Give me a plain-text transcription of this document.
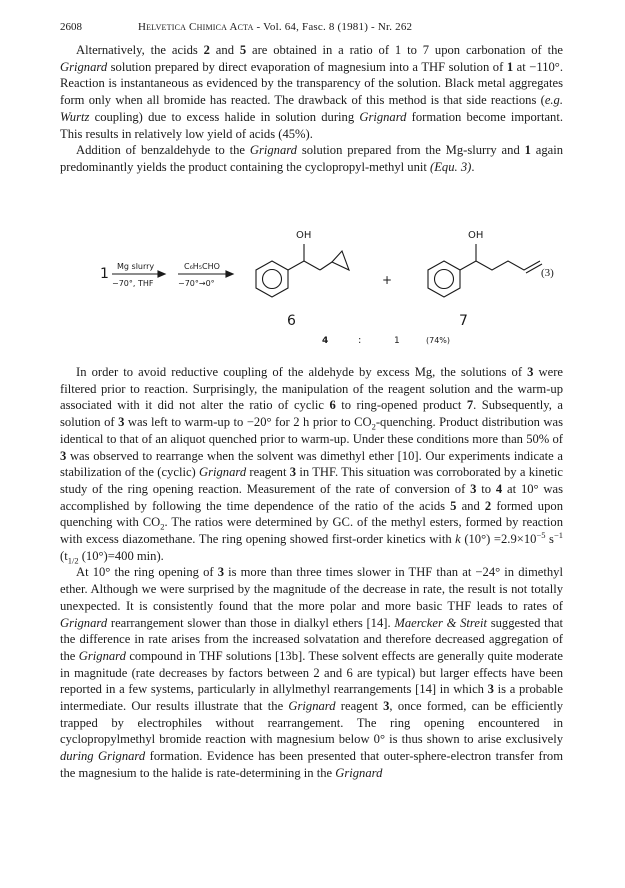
2608	Helvetica Chimica Acta - Vol. 64, Fasc. 8 (1981) - Nr. 262

Alternatively, the acids 2 and 5 are obtained in a ratio of 1 to 7 upon carbonation of the Grignard solution prepared by direct evaporation of magnesium into a THF solution of 1 at −110°. Reaction is instantaneous as evidenced by the transparency of the solution. Black metal aggregates form only when all bromide has reacted. The drawback of this method is that side reactions (e.g. Wurtz coupling) due to excess halide in solution during Grignard formation become important. This results in relatively low yield of acids (45%).

Addition of benzaldehyde to the Grignard solution prepared from the Mg-slurry and 1 again predominantly yields the product containing the cyclopropyl-methyl unit (Equ. 3).

1 Mg slurry
−70°, THF
C₆H₅CHO
−70°→0°
OH	OH
+
6	7
4	:	1	(74%)
(3)

In order to avoid reductive coupling of the aldehyde by excess Mg, the solutions of 3 were filtered prior to reaction. Surprisingly, the manipulation of the reagent solution and the warm-up associated with it did not alter the ratio of cyclic 6 to ring-opened product 7. Subsequently, a solution of 3 was left to warm-up to −20° for 2 h prior to $CO_2$-quenching. Product distribution was identical to that of an aliquot quenched prior to warm-up. Under these conditions more than 50% of 3 was observed to rearrange when the solvent was dimethyl ether [10]. Our experiments indicate a stabilization of the (cyclic) Grignard reagent 3 in THF. This situation was corroborated by a kinetic study of the ring opening reaction. Measurement of the rate of conversion of 3 to 4 at 10° was accomplished by following the time dependence of the ratio of the acids 5 and 2 formed upon quenching with $CO_2$. The ratios were determined by GC. of the methyl esters, formed by reaction with excess diazomethane. The ring opening showed first-order kinetics with k $(10^\circ) =2.9\times 10^{-5}$ $s^{-1}$ ($t_{1/2}$ (10°)=400 min).

At 10° the ring opening of 3 is more than three times slower in THF than at −24° in dimethyl ether. Although we were surprised by the magnitude of the decrease in rate, the result is not totally unexpected. It is consistently found that the more polar and more basic THF leads to rates of Grignard rearrangement slower than those in dialkyl ethers [14]. Maercker & Streit suggested that the difference in rate arises from the increased solvatation and therefore decreased aggregation of the Grignard compound in THF solutions [13b]. These solvent effects are generally quite moderate in magnitude (rate decreases by factors between 2 and 6 are typical) but larger effects have been reported in a few systems, particularly in allylmethyl rearrangements [14] in which 3 is a probable intermediate. Our results illustrate that the Grignard reagent 3, once formed, can be efficiently trapped by electrophiles without rearrangement. The ring opening encountered in cyclopropylmethyl bromide reaction with magnesium below 0° is thus shown to arise exclusively during Grignard formation. Evidence has been presented that outer-sphere-electron transfer from the magnesium to the halide is rate-determining in the Grignard
